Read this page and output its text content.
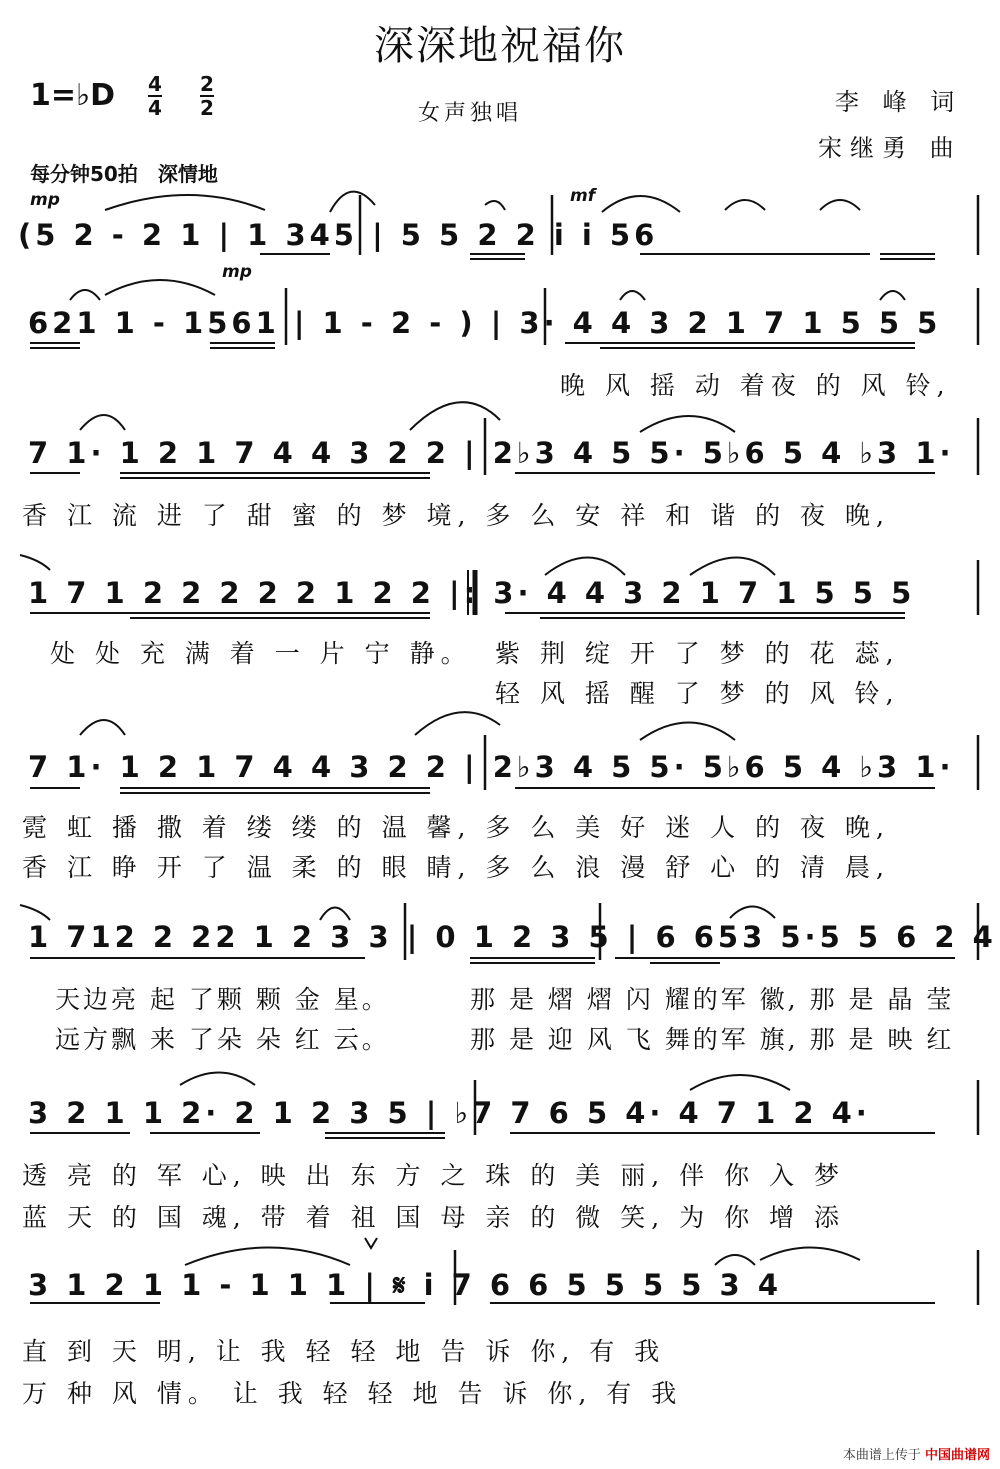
深深地祝福你
1=♭D 4
4
2
2	女声独唱	李 峰 词
宋继勇 曲
每分钟50拍　深情地
mp
mp
mf
(5 2 - 2 1 | 1 345 | 5 5 2 2 i i 56
621 1 - 1561 | 1 - 2 - ) | 3· 4 4 3 2 1 7 1 5 5 5
晚 风 摇 动 着夜 的 风 铃,
7 1· 1 2 1 7 4 4 3 2 2 | 2♭3 4 5 5· 5♭6 5 4 ♭3 1·
香 江 流 进 了 甜 蜜 的 梦 境, 多 么 安 祥 和 谐 的 夜 晚,
1 7 1 2 2 2 2 2 1 2 2 |: 3· 4 4 3 2 1 7 1 5 5 5
处 处 充 满 着 一 片 宁 静。 紫 荆 绽 开 了 梦 的 花 蕊,
轻 风 摇 醒 了 梦 的 风 铃,
7 1· 1 2 1 7 4 4 3 2 2 | 2♭3 4 5 5· 5♭6 5 4 ♭3 1·
霓 虹 播 撒 着 缕 缕 的 温 馨, 多 么 美 好 迷 人 的 夜 晚,
香 江 睁 开 了 温 柔 的 眼 睛, 多 么 浪 漫 舒 心 的 清 晨,
1 712 2 22 1 2 3 3 | 0 1 2 3 5 | 6 653 5·5 5 6 2 4
天边亮 起 了颗 颗 金 星。	那 是 熠 熠 闪 耀的军 徽, 那 是 晶 莹
远方飘 来 了朵 朵 红 云。	那 是 迎 风 飞 舞的军 旗, 那 是 映 红
3 2 1 1 2· 2 1 2 3 5 | ♭7 7 6 5 4· 4 7 1 2 4·
透 亮 的 军 心, 映 出 东 方 之 珠 的 美 丽, 伴 你 入 梦
蓝 天 的 国 魂, 带 着 祖 国 母 亲 的 微 笑, 为 你 增 添
3 1 2 1 1 - 1 1 1 | 𝄋 i 7 6 6 5 5 5 5 3 4
直 到 天 明, 让 我 轻 轻 地 告 诉 你, 有 我
万 种 风 情。 让 我 轻 轻 地 告 诉 你, 有 我
本曲谱上传于 中国曲谱网
